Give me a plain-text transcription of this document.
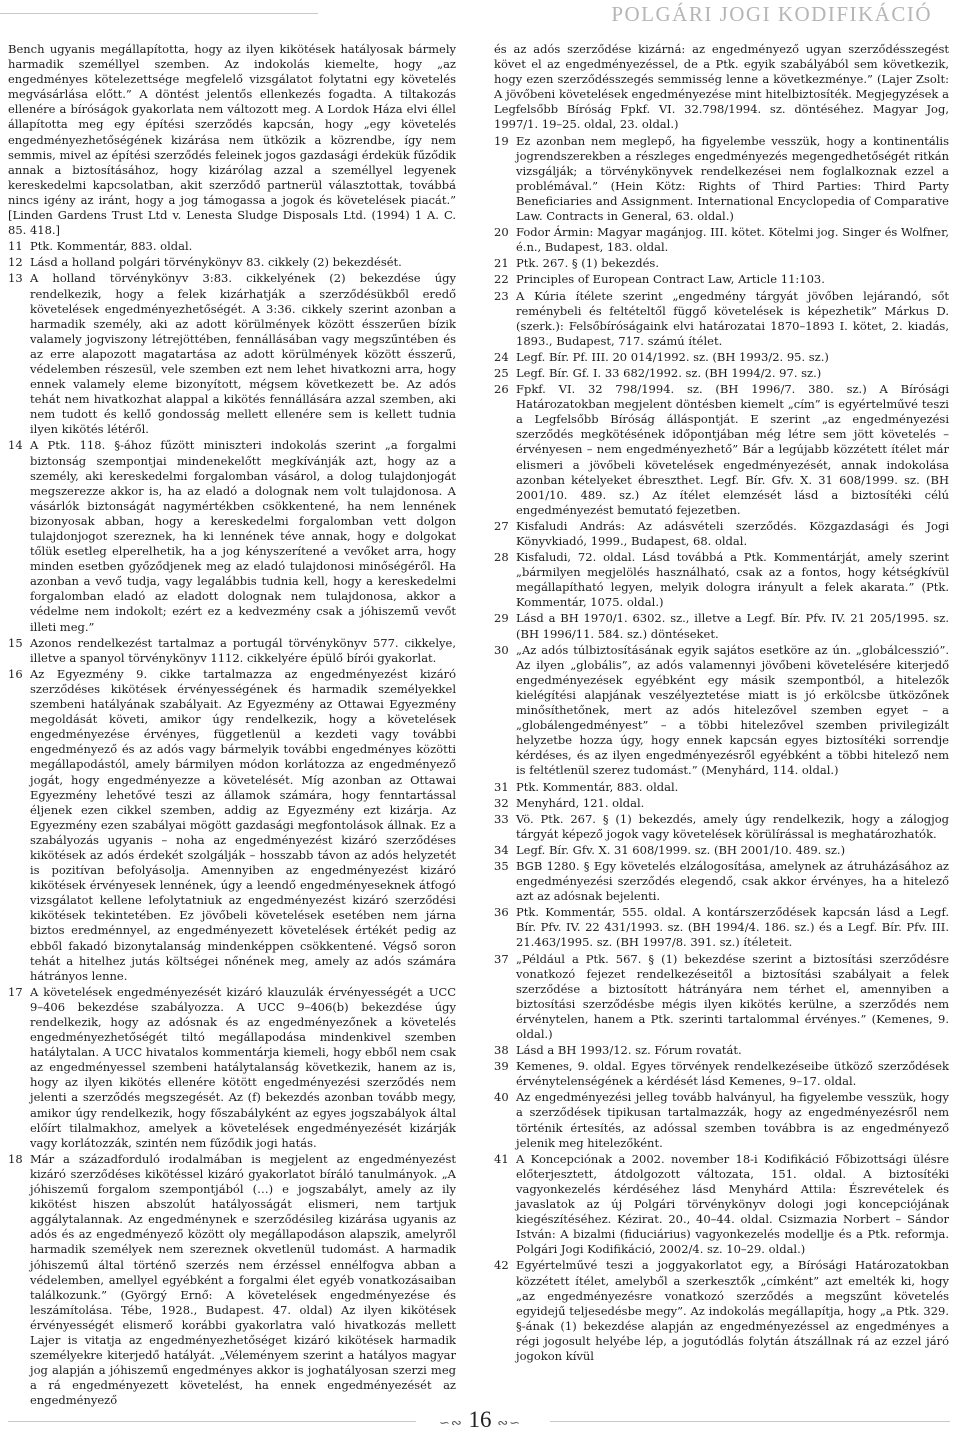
POLGÁRI JOGI KODIFIKÁCIÓ

Bench ugyanis megállapította, hogy az ilyen kikötések hatályosak bármely harmadik személlyel szemben. Az indokolás kiemelte, hogy „az engedményes kötelezettsége megfelelő vizsgálatot folytatni egy követelés megvásárlása előtt.” A döntést jelentős ellenkezés fogadta. A tiltakozás ellenére a bíróságok gyakorlata nem változott meg. A Lordok Háza elvi éllel állapította meg egy építési szerződés kapcsán, hogy „egy követelés engedményezhetőségének kizárása nem ütközik a közrendbe, így nem semmis, mivel az építési szerződés feleinek jogos gazdasági érdekük fűződik annak a biztosításához, hogy kizárólag azzal a személlyel legyenek kereskedelmi kapcsolatban, akit szerződő partnerül választottak, továbbá nincs igény az iránt, hogy a jog támogassa a jogok és követelések piacát.” [Linden Gardens Trust Ltd v. Lenesta Sludge Disposals Ltd. (1994) 1 A. C. 85. 418.]

11 Ptk. Kommentár, 883. oldal.
12 Lásd a holland polgári törvénykönyv 83. cikkely (2) bekezdését.
13 A holland törvénykönyv 3:83. cikkelyének (2) bekezdése úgy rendelkezik, hogy a felek kizárhatják a szerződésükből eredő követelések engedményezhetőségét. A 3:36. cikkely szerint azonban a harmadik személy, aki az adott körülmények között ésszerűen bízik valamely jogviszony létrejöttében, fennállásában vagy megszűntében és az erre alapozott magatartása az adott körülmények között ésszerű, védelemben részesül, vele szemben ezt nem lehet hivatkozni arra, hogy ennek valamely eleme bizonyított, mégsem következett be. Az adós tehát nem hivatkozhat alappal a kikötés fennállására azzal szemben, aki nem tudott és kellő gondosság mellett ellenére sem is kellett tudnia ilyen kikötés létéről.
14 A Ptk. 118. §-ához fűzött miniszteri indokolás szerint „a forgalmi biztonság szempontjai mindenekelőtt megkívánják azt, hogy az a személy, aki kereskedelmi forgalomban vásárol, a dolog tulajdonjogát megszerezze akkor is, ha az eladó a dolognak nem volt tulajdonosa. A vásárlók biztonságát nagymértékben csökkentené, ha nem lennének bizonyosak abban, hogy a kereskedelmi forgalomban vett dolgon tulajdonjogot szereznek, ha ki lennének téve annak, hogy e dolgokat tőlük esetleg elperelhetik, ha a jog kényszerítené a vevőket arra, hogy minden esetben győződjenek meg az eladó tulajdonosi minőségéről. Ha azonban a vevő tudja, vagy legalábbis tudnia kell, hogy a kereskedelmi forgalomban eladó az eladott dolognak nem tulajdonosa, akkor a védelme nem indokolt; ezért ez a kedvezmény csak a jóhiszemű vevőt illeti meg.”
15 Azonos rendelkezést tartalmaz a portugál törvénykönyv 577. cikkelye, illetve a spanyol törvénykönyv 1112. cikkelyére épülő bírói gyakorlat.
16 Az Egyezmény 9. cikke tartalmazza az engedményezést kizáró szerződéses kikötések érvényességének és harmadik személyekkel szembeni hatályának szabályait. Az Egyezmény az Ottawai Egyezmény megoldását követi, amikor úgy rendelkezik, hogy a követelések engedményezése érvényes, függetlenül a kezdeti vagy további engedményező és az adós vagy bármelyik további engedményes közötti megállapodástól, amely bármilyen módon korlátozza az engedményező jogát, hogy engedményezze a követelését. Míg azonban az Ottawai Egyezmény lehetővé teszi az államok számára, hogy fenntartással éljenek ezen cikkel szemben, addig az Egyezmény ezt kizárja. Az Egyezmény ezen szabályai mögött gazdasági megfontolások állnak. Ez a szabályozás ugyanis – noha az engedményezést kizáró szerződéses kikötések az adós érdekét szolgálják – hosszabb távon az adós helyzetét is pozitívan befolyásolja. Amennyiben az engedményezést kizáró kikötések érvényesek lennének, úgy a leendő engedményeseknek átfogó vizsgálatot kellene lefolytatniuk az engedményezést kizáró szerződési kikötések tekintetében. Ez jövőbeli követelések esetében nem járna biztos eredménnyel, az engedményezett követelések értékét pedig az ebből fakadó bizonytalanság mindenképpen csökkentené. Végső soron tehát a hitelhez jutás költségei nőnének meg, amely az adós számára hátrányos lenne.
17 A követelések engedményezését kizáró klauzulák érvényességét a UCC 9–406 bekezdése szabályozza. A UCC 9–406(b) bekezdése úgy rendelkezik, hogy az adósnak és az engedményezőnek a követelés engedményezhetőségét tiltó megállapodása mindenkivel szemben hatálytalan. A UCC hivatalos kommentárja kiemeli, hogy ebből nem csak az engedményessel szembeni hatálytalanság következik, hanem az is, hogy az ilyen kikötés ellenére kötött engedményezési szerződés nem jelenti a szerződés megszegését. Az (f) bekezdés azonban tovább megy, amikor úgy rendelkezik, hogy főszabályként az egyes jogszabályok által előírt tilalmakhoz, amelyek a követelések engedményezését kizárják vagy korlátozzák, szintén nem fűződik jogi hatás.
18 Már a századforduló irodalmában is megjelent az engedményezést kizáró szerződéses kikötéssel kizáró gyakorlatot bíráló tanulmányok. „A jóhiszemű forgalom szempontjából (…) e jogszabályt, amely az ily kikötést hiszen abszolút hatályosságát elismeri, nem tartjuk aggálytalannak. Az engedménynek e szerződésileg kizárása ugyanis az adós és az engedményező között oly megállapodáson alapszik, amelyről harmadik személyek nem szereznek okvetlenül tudomást. A harmadik jóhiszemű által történő szerzés nem érzéssel ennélfogva abban a védelemben, amellyel egyébként a forgalmi élet egyéb vonatkozásaiban találkozunk.” (Györgý Ernő: A követelések engedményezése és leszámítolása. Tébe, 1928., Budapest. 47. oldal) Az ilyen kikötések érvényességét elismerő korábbi gyakorlatra való hivatkozás mellett Lajer is vitatja az engedményezhetőséget kizáró kikötések harmadik személyekre kiterjedő hatályát. „Véleményem szerint a hatályos magyar jog alapján a jóhiszemű engedményes akkor is joghatályosan szerzi meg a rá engedményezett követelést, ha ennek engedményezését az engedményező

és az adós szerződése kizárná: az engedményező ugyan szerződésszegést követ el az engedményezéssel, de a Ptk. egyik szabályából sem következik, hogy ezen szerződésszegés semmisség lenne a következménye.” (Lajer Zsolt: A jövőbeni követelések engedményezése mint hitelbiztosíték. Megjegyzések a Legfelsőbb Bíróság Fpkf. VI. 32.798/1994. sz. döntéséhez. Magyar Jog, 1997/1. 19–25. oldal, 23. oldal.)

19 Ez azonban nem meglepő, ha figyelembe vesszük, hogy a kontinentális jogrendszerekben a részleges engedményezés megengedhetőségét ritkán vizsgálják; a törvénykönyvek rendelkezései nem foglalkoznak ezzel a problémával.” (Hein Kötz: Rights of Third Parties: Third Party Beneficiaries and Assignment. International Encyclopedia of Comparative Law. Contracts in General, 63. oldal.)
20 Fodor Ármin: Magyar magánjog. III. kötet. Kötelmi jog. Singer és Wolfner, é.n., Budapest, 183. oldal.
21 Ptk. 267. § (1) bekezdés.
22 Principles of European Contract Law, Article 11:103.
23 A Kúria ítélete szerint „engedmény tárgyát jövőben lejárandó, sőt reménybeli és feltételtől függő követelések is képezhetik” Márkus D. (szerk.): Felsőbíróságaink elvi határozatai 1870–1893 I. kötet, 2. kiadás, 1893., Budapest, 717. számú ítélet.
24 Legf. Bír. Pf. III. 20 014/1992. sz. (BH 1993/2. 95. sz.)
25 Legf. Bír. Gf. I. 33 682/1992. sz. (BH 1994/2. 97. sz.)
26 Fpkf. VI. 32 798/1994. sz. (BH 1996/7. 380. sz.) A Bírósági Határozatokban megjelent döntésben kiemelt „cím” is egyértelművé teszi a Legfelsőbb Bíróság álláspontját. E szerint „az engedményezési szerződés megkötésének időpontjában még létre sem jött követelés – érvényesen – nem engedményezhető” Bár a legújabb közzétett ítélet már elismeri a jövőbeli követelések engedményezését, annak indokolása azonban kételyeket ébreszthet. Legf. Bír. Gfv. X. 31 608/1999. sz. (BH 2001/10. 489. sz.) Az ítélet elemzését lásd a biztosítéki célú engedményezést bemutató fejezetben.
27 Kisfaludi András: Az adásvételi szerződés. Közgazdasági és Jogi Könyvkiadó, 1999., Budapest, 68. oldal.
28 Kisfaludi, 72. oldal. Lásd továbbá a Ptk. Kommentárját, amely szerint „bármilyen megjelölés használható, csak az a fontos, hogy kétségkívül megállapítható legyen, melyik dologra irányult a felek akarata.” (Ptk. Kommentár, 1075. oldal.)
29 Lásd a BH 1970/1. 6302. sz., illetve a Legf. Bír. Pfv. IV. 21 205/1995. sz. (BH 1996/11. 584. sz.) döntéseket.
30 „Az adós túlbiztosításának egyik sajátos esetköre az ún. „globálcesszió”. Az ilyen „globális”, az adós valamennyi jövőbeni követelésére kiterjedő engedményezések egyébként egy másik szempontból, a hitelezők kielégítési alapjának veszélyeztetése miatt is jó erkölcsbe ütközőnek minősíthetőnek, mert az adós hitelezővel szemben egyet – a „globálengedményest” – a többi hitelezővel szemben privilegizált helyzetbe hozza úgy, hogy ennek kapcsán egyes biztosítéki sorrendje kérdéses, és az ilyen engedményezésről egyébként a többi hitelező nem is feltétlenül szerez tudomást.” (Menyhárd, 114. oldal.)
31 Ptk. Kommentár, 883. oldal.
32 Menyhárd, 121. oldal.
33 Vö. Ptk. 267. § (1) bekezdés, amely úgy rendelkezik, hogy a zálogjog tárgyát képező jogok vagy követelések körülírással is meghatározhatók.
34 Legf. Bír. Gfv. X. 31 608/1999. sz. (BH 2001/10. 489. sz.)
35 BGB 1280. § Egy követelés elzálogosítása, amelynek az átruházásához az engedményezési szerződés elegendő, csak akkor érvényes, ha a hitelező azt az adósnak bejelenti.
36 Ptk. Kommentár, 555. oldal. A kontárszerződések kapcsán lásd a Legf. Bír. Pfv. IV. 22 431/1993. sz. (BH 1994/4. 186. sz.) és a Legf. Bír. Pfv. III. 21.463/1995. sz. (BH 1997/8. 391. sz.) ítéleteit.
37 „Például a Ptk. 567. § (1) bekezdése szerint a biztosítási szerződésre vonatkozó fejezet rendelkezéseitől a biztosítási szabályait a felek szerződése a biztosított hátrányára nem térhet el, amennyiben a biztosítási szerződésbe mégis ilyen kikötés kerülne, a szerződés nem érvénytelen, hanem a Ptk. szerinti tartalommal érvényes.” (Kemenes, 9. oldal.)
38 Lásd a BH 1993/12. sz. Fórum rovatát.
39 Kemenes, 9. oldal. Egyes törvények rendelkezéseibe ütköző szerződések érvénytelenségének a kérdését lásd Kemenes, 9–17. oldal.
40 Az engedményezési jelleg tovább halványul, ha figyelembe vesszük, hogy a szerződések tipikusan tartalmazzák, hogy az engedményezésről nem történik értesítés, az adóssal szemben továbbra is az engedményező jelenik meg hitelezőként.
41 A Koncepciónak a 2002. november 18-i Kodifikáció Főbizottsági ülésre előterjesztett, átdolgozott változata, 151. oldal. A biztosítéki vagyonkezelés kérdéséhez lásd Menyhárd Attila: Észrevételek és javaslatok az új Polgári törvénykönyv dologi jogi koncepciójának kiegészítéséhez. Kézirat. 20., 40–44. oldal. Csizmazia Norbert – Sándor István: A bizalmi (fiduciárius) vagyonkezelés modellje és a Ptk. reformja. Polgári Jogi Kodifikáció, 2002/4. sz. 10–29. oldal.)
42 Egyértelművé teszi a joggyakorlatot egy, a Bírósági Határozatokban közzétett ítélet, amelyből a szerkesztők „címként” azt emelték ki, hogy „az engedményezésre vonatkozó szerződés a megszűnt követelés egyidejű teljesedésbe megy”. Az indokolás megállapítja, hogy „a Ptk. 329. §-ának (1) bekezdése alapján az engedményezéssel az engedményes a régi jogosult helyébe lép, a jogutódlás folytán átszállnak rá az ezzel járó jogokon kívül
∽∾ 16 ∾∽
